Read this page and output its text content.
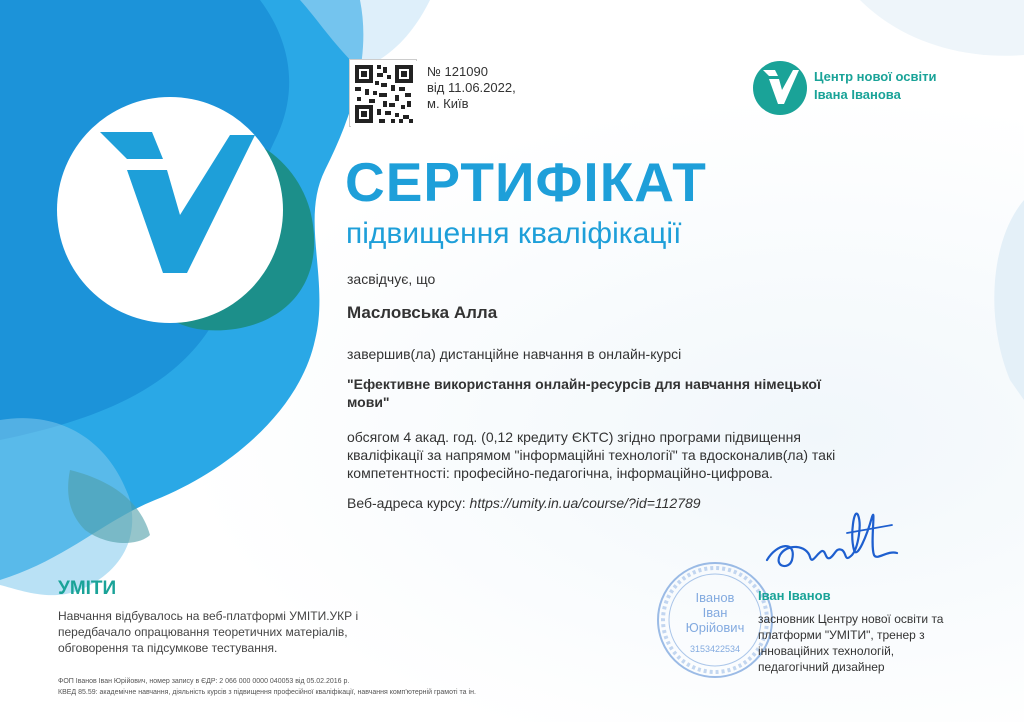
№ 121090
від 11.06.2022,
м. Київ
Центр нової освіти
Івана Іванова
СЕРТИФІКАТ
підвищення кваліфікації
засвідчує, що
Масловська Алла
завершив(ла) дистанційне навчання в онлайн-курсі
"Ефективне використання онлайн-ресурсів для навчання німецької мови"
обсягом 4 акад. год. (0,12 кредиту ЄКТС) згідно програми підвищення кваліфікації за напрямом "інформаційні технології" та вдосконалив(ла) такі компетентності: професійно-педагогічна, інформаційно-цифрова.
Веб-адреса курсу: https://umity.in.ua/course/?id=112789
УМІТИ
Навчання відбувалось на веб-платформі УМІТИ.УКР і передбачало опрацювання теоретичних матеріалів, обговорення та підсумкове тестування.
ФОП Іванов Іван Юрійович, номер запису в ЄДР: 2 066 000 0000 040053 від 05.02.2016 р.
КВЕД 85.59: академічне навчання, діяльність курсів з підвищення професійної кваліфікації, навчання комп'ютерній грамоті та ін.
Іванов
Іван
Юрійович
3153422534
Іван Іванов
засновник Центру нової освіти та платформи "УМІТИ", тренер з інноваційних технологій, педагогічний дизайнер
